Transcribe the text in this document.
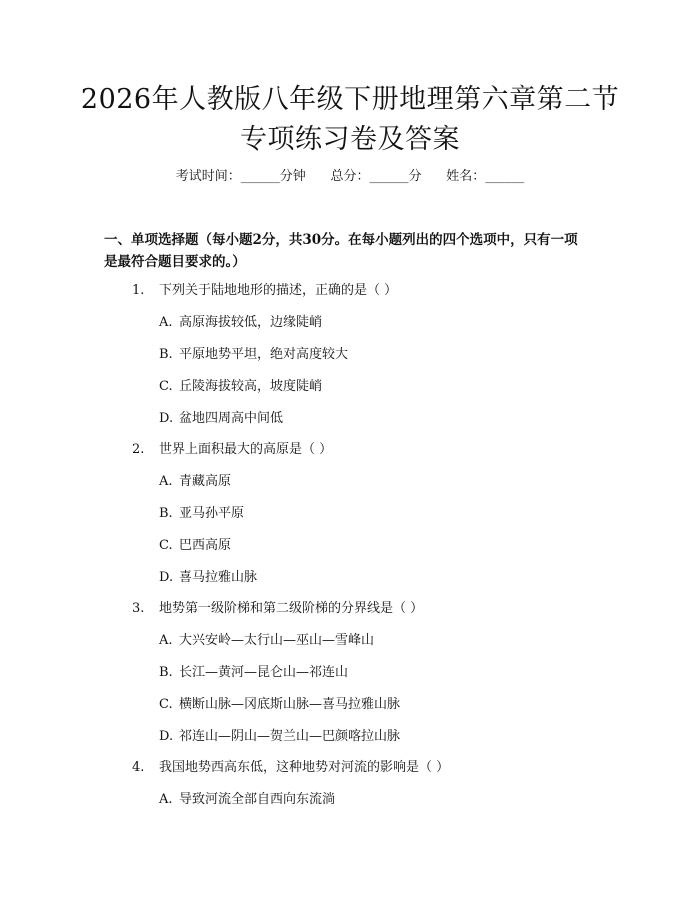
2026年人教版八年级下册地理第六章第二节
专项练习卷及答案
考试时间：______分钟      总分：______分      姓名：______
一、单项选择题（每小题2分，共30分。在每小题列出的四个选项中，只有一项
是最符合题目要求的。）
1. 下列关于陆地地形的描述，正确的是（ ）
A. 高原海拔较低，边缘陡峭
B. 平原地势平坦，绝对高度较大
C. 丘陵海拔较高，坡度陡峭
D. 盆地四周高中间低
2. 世界上面积最大的高原是（ ）
A. 青藏高原
B. 亚马孙平原
C. 巴西高原
D. 喜马拉雅山脉
3. 地势第一级阶梯和第二级阶梯的分界线是（ ）
A. 大兴安岭—太行山—巫山—雪峰山
B. 长江—黄河—昆仑山—祁连山
C. 横断山脉—冈底斯山脉—喜马拉雅山脉
D. 祁连山—阴山—贺兰山—巴颜喀拉山脉
4. 我国地势西高东低，这种地势对河流的影响是（ ）
A. 导致河流全部自西向东流淌
